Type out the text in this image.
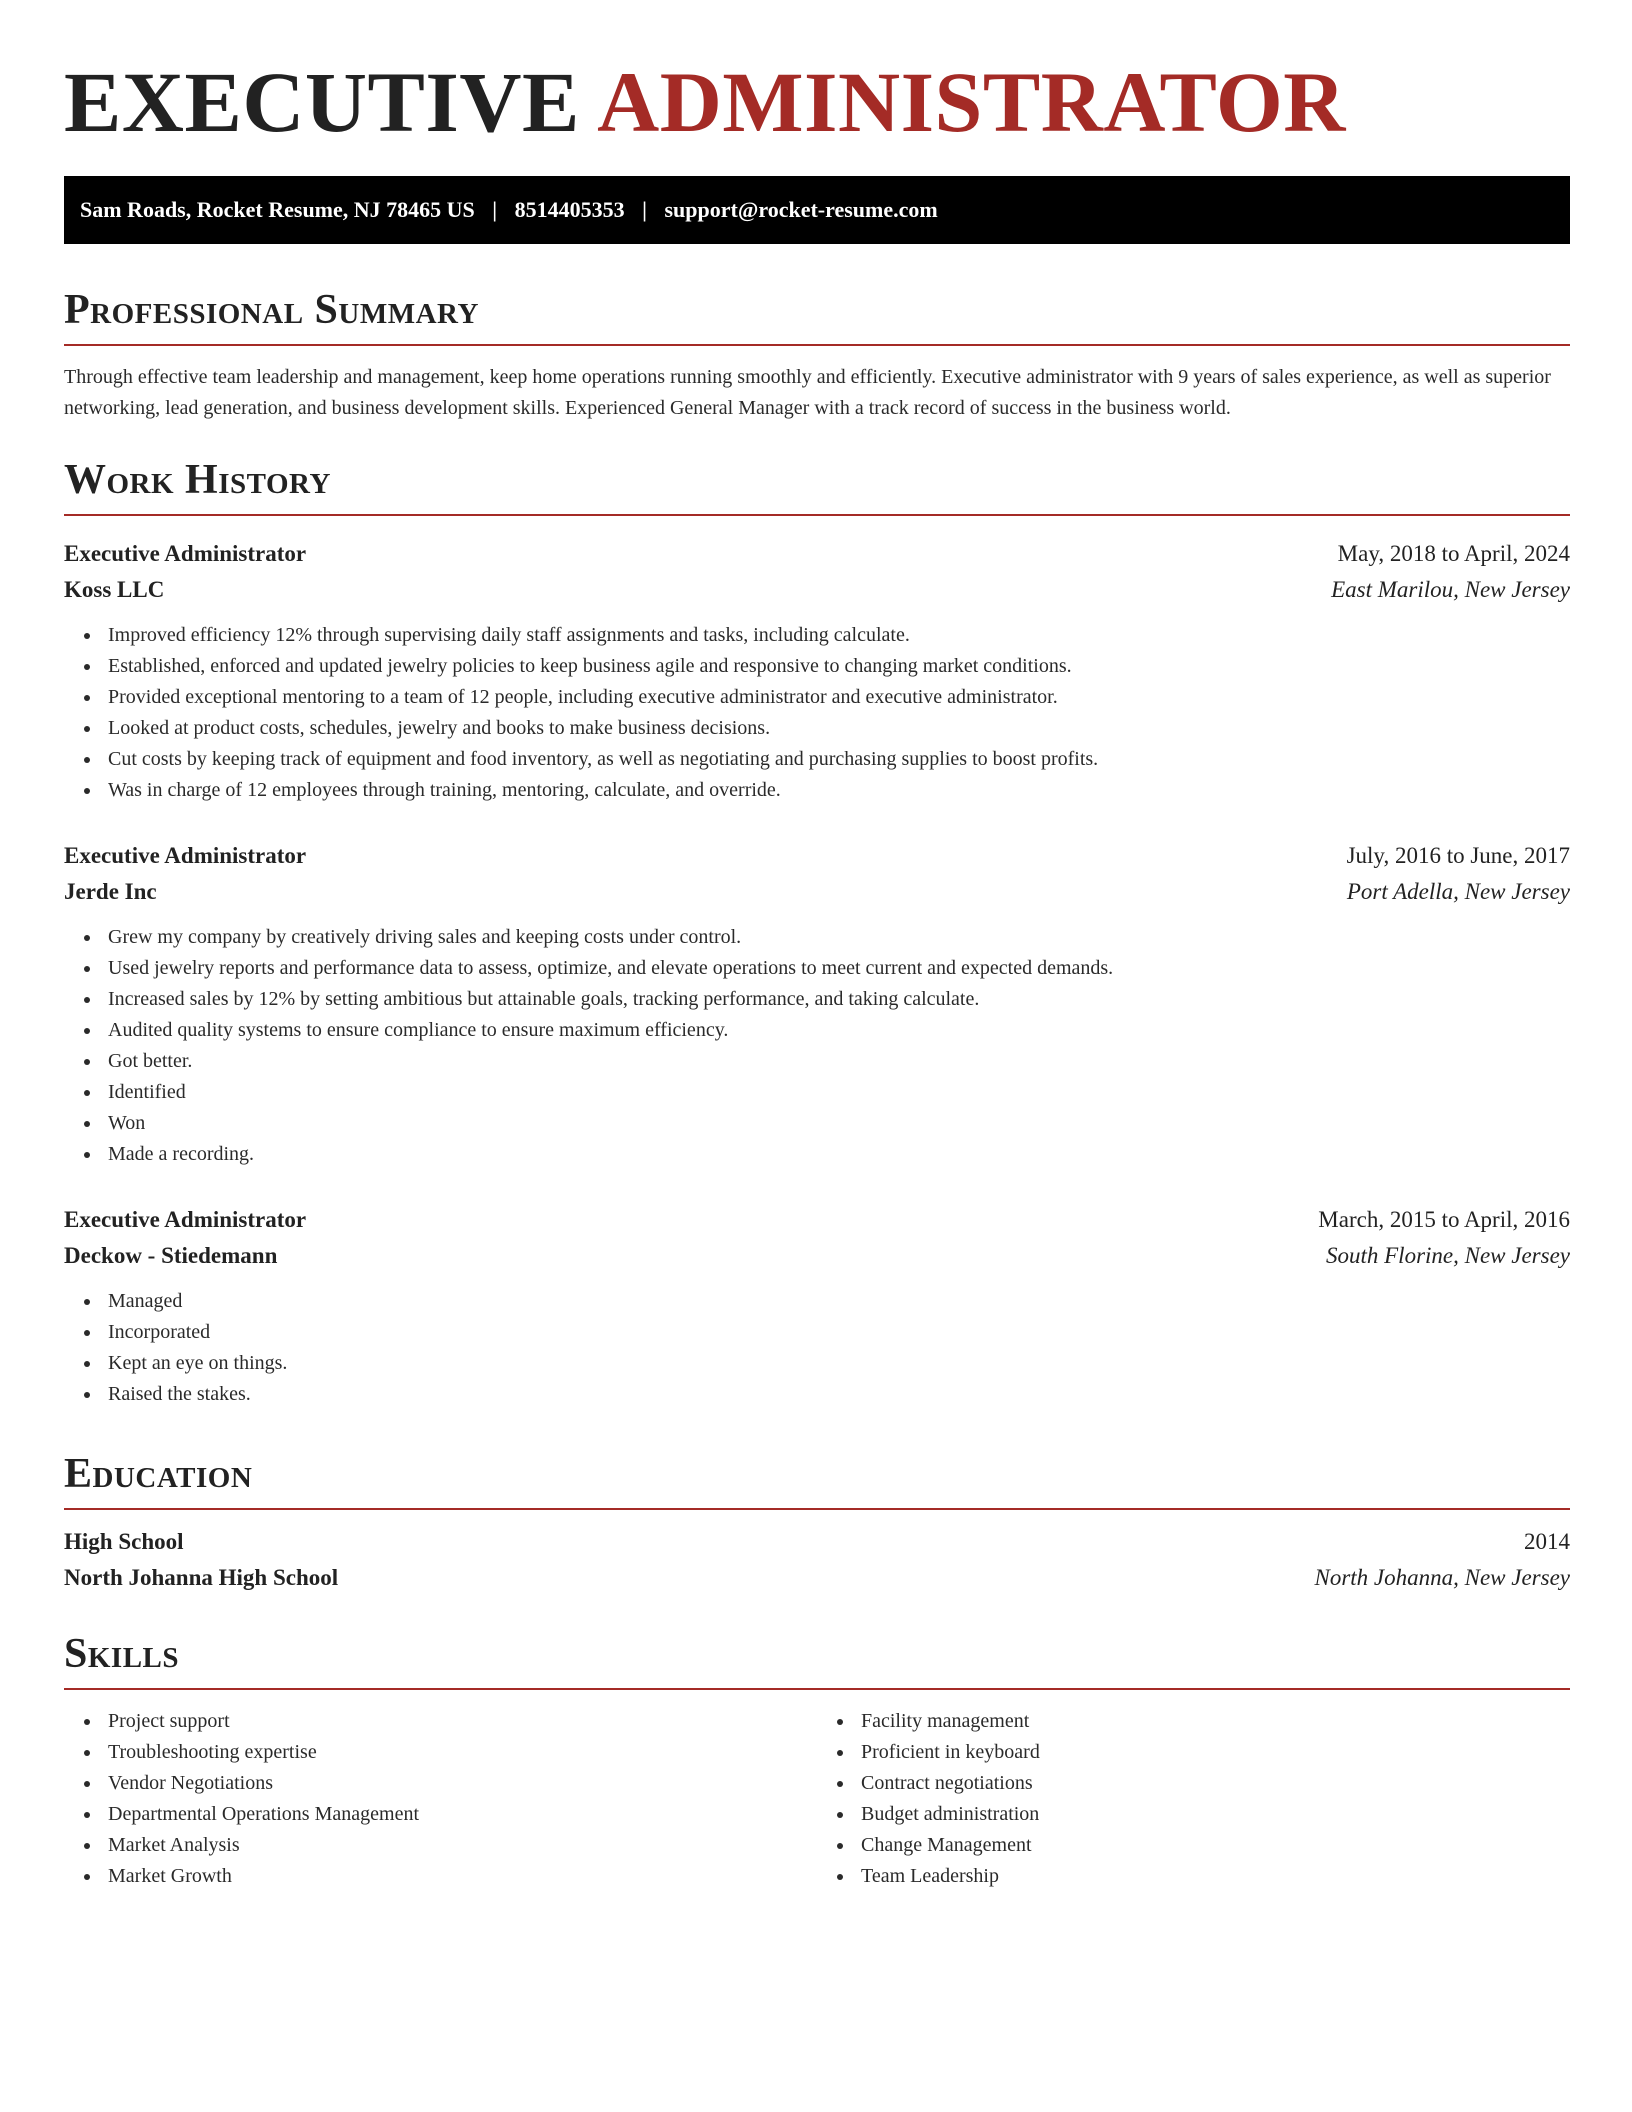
EXECUTIVE ADMINISTRATOR
Sam Roads, Rocket Resume, NJ 78465 US | 8514405353 | support@rocket-resume.com
Professional Summary

Through effective team leadership and management, keep home operations running smoothly and efficiently. Executive administrator with 9 years of sales experience, as well as superior networking, lead generation, and business development skills. Experienced General Manager with a track record of success in the business world.

Work History
Executive Administrator	May, 2018 to April, 2024
Koss LLC	East Marilou, New Jersey
Improved efficiency 12% through supervising daily staff assignments and tasks, including calculate.
Established, enforced and updated jewelry policies to keep business agile and responsive to changing market conditions.
Provided exceptional mentoring to a team of 12 people, including executive administrator and executive administrator.
Looked at product costs, schedules, jewelry and books to make business decisions.
Cut costs by keeping track of equipment and food inventory, as well as negotiating and purchasing supplies to boost profits.
Was in charge of 12 employees through training, mentoring, calculate, and override.
Executive Administrator	July, 2016 to June, 2017
Jerde Inc	Port Adella, New Jersey
Grew my company by creatively driving sales and keeping costs under control.
Used jewelry reports and performance data to assess, optimize, and elevate operations to meet current and expected demands.
Increased sales by 12% by setting ambitious but attainable goals, tracking performance, and taking calculate.
Audited quality systems to ensure compliance to ensure maximum efficiency.
Got better.
Identified
Won
Made a recording.
Executive Administrator	March, 2015 to April, 2016
Deckow - Stiedemann	South Florine, New Jersey
Managed
Incorporated
Kept an eye on things.
Raised the stakes.
Education
High School	2014
North Johanna High School	North Johanna, New Jersey
Skills
Project support
Troubleshooting expertise
Vendor Negotiations
Departmental Operations Management
Market Analysis
Market Growth
Facility management
Proficient in keyboard
Contract negotiations
Budget administration
Change Management
Team Leadership
